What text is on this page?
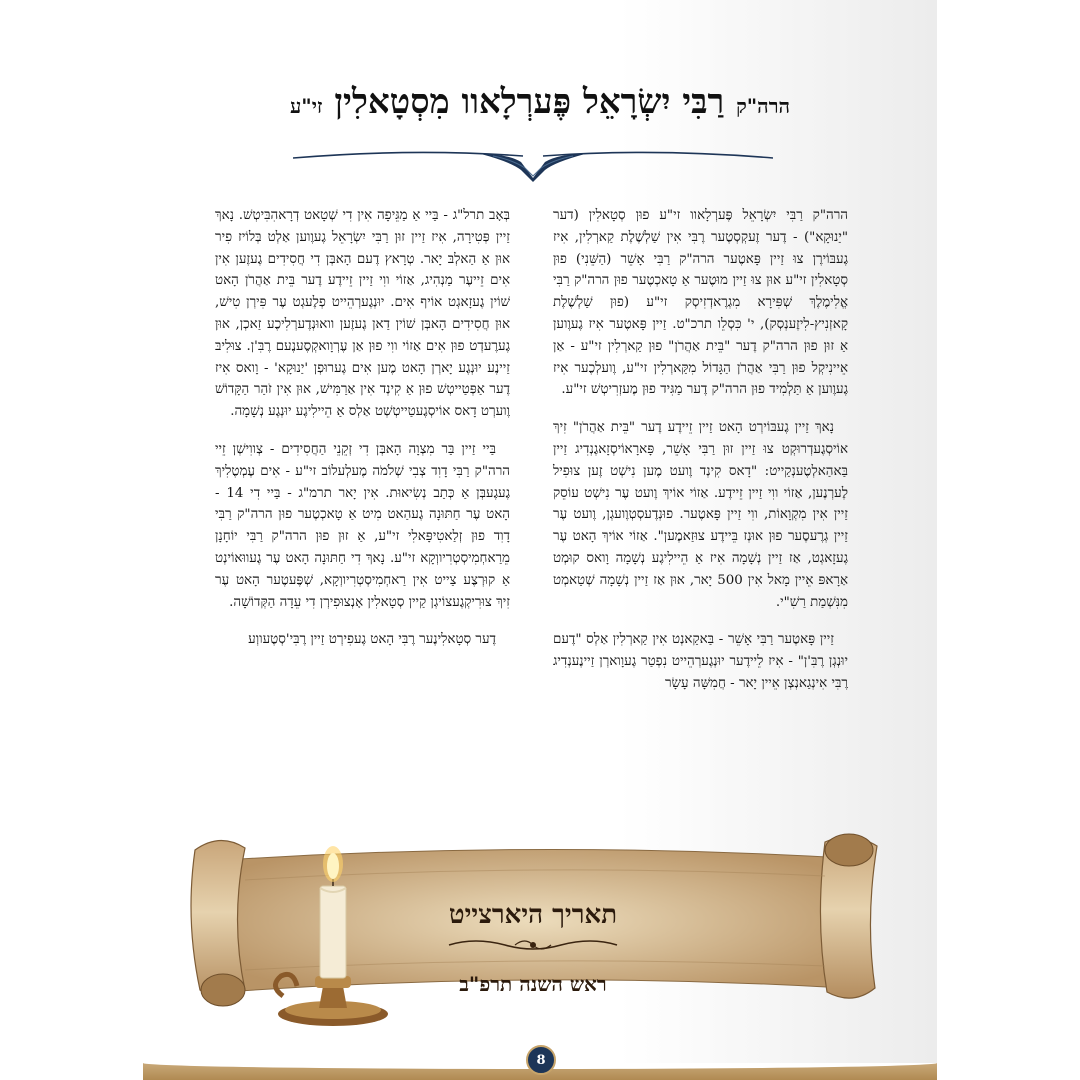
הרה"ק רַבִּי יִשְׂרָאֵל פֶּערְלָאוו מִסְטָאלִין זי"ע

הרה"ק רַבִּי יִשְׂרָאֵל פֶּערְלָאוו זי"ע פוּן סְטָאלִין (דער "יַנוּקָא") - דֶער זֶעקְסְטֶער רֶבִּי אִין שַׁלְשֶׁלֶת קַארְלִין, אִיז גֶעבּוֹירֶן צוּ זַיין פָּאטֶער הרה"ק רַבִּי אָשֵׁר (הַשֵּׁנִי) פוּן סְטָאלִין זי"ע אוּן צוּ זַיין מוּטֶער אַ טָאכְטֶער פוּן הרה"ק רַבִּי אֱלִימֶלֶךְ שְׁפִּירָא מִגְרֶאדְזִיסְק זי"ע (פוּן שַׁלְשֶׁלֶת קָאזְנִיץ-לִיזֶענְסְק), י' כִּסְלֵו תרכ"ט. זַיין פָּאטֶער אִיז גֶעוֶוען אַ זוּן פוּן הרה"ק דֶער "בֵּית אַהֲרֹן" פוּן קַארְלִין זי"ע - אַן אֵיינִיקְל פוּן רַבִּי אַהֲרֹן הַגָּדוֹל מִקַּארְלִין זי"ע, וֶועלְכֶער אִיז גֶעוֶוען אַ תַּלְמִיד פוּן הרה"ק דֶער מַגִּיד פוּן מֶעזְרִיטְשׁ זי"ע.

נָאךְ זַיין גֶעבּוֹירְט הָאט זַיין זֵיידֶע דֶער "בֵּית אַהֲרֹן" זִיךְ אוֹיסְגֶעדְרוּקְט צוּ זַיין זוּן רַבִּי אָשֵׁר, פָּארָאוֹיסְזָאגֶנְדִיג זַיין בַּאהַאלְטֶענְקַייט: "דָאס קִינְד וֶועט מֶען נִישְׁט זֶען צוּפִיל לֶערְנֶען, אַזוֹי ווִי זַיין זֵיידֶע. אַזוֹי אוֹיךְ וֶועט עֶר נִישְׁט עוֹסֵק זַיין אִין מִקְוָאוֹת, ווִי זַיין פָּאטֶער. פוּנְדֶעסְטְוֶועגְן, וֶועט עֶר זַיין גְרֶעסֶער פוּן אוּנְז בֵּיידֶע צוּזַאמֶען". אַזוֹי אוֹיךְ הָאט עֶר גֶעזָאגְט, אַז זַיין נְשָׁמָה אִיז אַ הֵיילִיגֶע נְשָׁמָה וָואס קוּמְט אַרָאפּ אֵיין מָאל אִין 500 יָאר, אוּן אַז זַיין נְשָׁמָה שְׁטַאמְט מִנִּשְׁמַת רַשִׁ"י.

זַיין פָּאטֶער רַבִּי אָשֵׁר - בַּאקַאנְט אִין קַארְלִין אַלְס "דֶעם יוּנְגְן רֶבִּ'ן" - אִיז לֵיידֶער יוּנְגֶערְהֵייט נִפְטַר גֶעוָוארְן זַיינֶענְדִיג רֶבִּי אִינְגַאנְצְן אֵיין יָאר - חֲמִשָּׁה עָשָׂר

בְּאָב תרל"ג - בַּיי אַ מַגֵּיפָה אִין דִי שְׁטָאט דְרָאהִבִּיטְשׁ. נָאךְ זַיין פְּטִירָה, אִיז זַיין זוּן רַבִּי יִשְׂרָאֵל גֶעוֶוען אַלְט בְּלוֹיז פִיר אוּן אַ הַאלְבּ יָאר. טְרָאץ דֶעם הָאבְּן דִי חֲסִידִים גֶעזֶען אִין אִים זֵייעֶר מַנְהִיג, אַזוֹי ווִי זַיין זֵיידֶע דֶער בֵּית אַהֲרֹן הָאט שׁוֹין גֶעזָאגְט אוֹיף אִים. יוּנְגֶערְהֵייט פְלֶעגְט עֶר פִּירְן טִישׁ, אוּן חֲסִידִים הָאבְּן שׁוֹין דַאן גֶעזֶען וואוּנְדֶערְלִיכֶע זַאכְן, אוּן גֶערֶעדְט פוּן אִים אַזוֹי ווִי פוּן אַן עֶרְוָואקְסֶענֶעם רֶבִּ'ן. צוּלִיבּ זַיינֶע יוּנְגֶע יָארְן הָאט מֶען אִים גֶערוּפְן 'יַנוּקָא' - וָואס אִיז דֶער אַפְּטַייטְשׁ פוּן אַ קִינְד אִין אַרַמִּישׁ, אוּן אִין זֹהַר הַקָּדוֹשׁ וֶוערְט דָאס אוֹיסְגֶעטַייטְשְׁט אַלְס אַ הֵיילִיגֶע יוּנְגֶע נְשָׁמָה.

בַּיי זַיין בַּר מִצְוָה הָאבְּן דִי זְקֵנֵי הַחֲסִידִים - צְווִישְׁן זֵיי הרה"ק רַבִּי דָוִד צְבִי שְׁלֹמֹה מֶעלְעלוֹב זי"ע - אִים עֶמְטֶלִיךְ גֶעגֶעבְּן אַ כְּתַב נְשִׂיאוּת. אִין יָאר תרמ"ג - בַּיי דִי 14 - הָאט עֶר חַתּוּנָה גֶעהַאט מִיט אַ טָאכְטֶער פוּן הרה"ק רַבִּי דָוִד פוּן זְלַאטִיפָּאלִי זי"ע, אַ זוּן פוּן הרה"ק רַבִּי יוֹחָנָן מֵרַאחְמִיסְטְרִיווְקָא זי"ע. נָאךְ דִי חַתּוּנָה הָאט עֶר גֶעווּאוֹינְט אַ קוּרְצֶע צַייט אִין רַאחְמִיסְטְרִיווְקָא, שְׁפֶּעטֶער הָאט עֶר זִיךְ צוּרִיקְגֶעצוֹיגְן קַיין סְטָאלִין אָנְצוּפִירְן דִי עֵדָה הַקְּדוֹשָׁה.

דֶער סְטָאלִינֶער רֶבִּי הָאט גֶעפִירְט זַיין רֶבִּי'סְטֶעווְע

תאריך היארצייט
ראש השנה תרפ"ב
8
